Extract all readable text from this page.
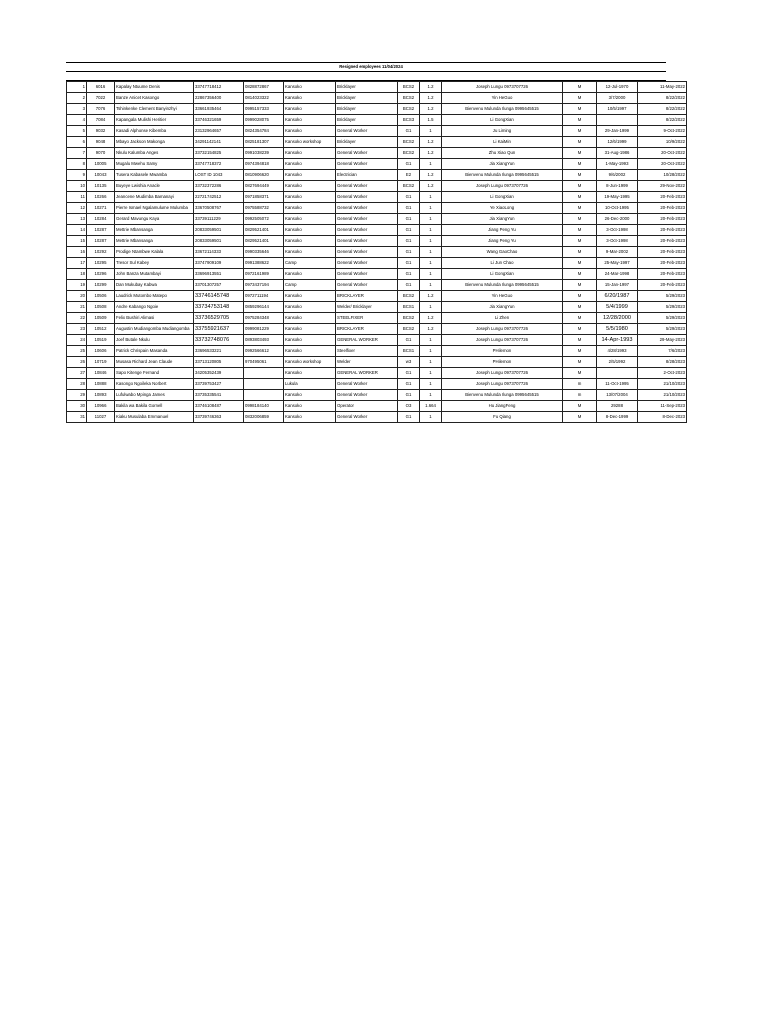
Resigned employees 11/04/2024
1	6016	Kapalay Ntuume Denis	33747718412	0828872867	Kansoko	Bricklayer	BCS2	1.2	Joseph Lungu 0973707726	M	12-Jul-1970	11-May-2022
2	7022	Banze Anicet Kasongo	22867356400	0814023322	Kansoko	Bricklayer	BCS2	1.2	Yin HeGuo	M	3/7/2000	8/22/2022
3	7076	Tshinkenke Clement Banyinzhyi	33661935464	0995157333	Kansoko	Bricklayer	BCS2	1.2	Bienvenu Mulunda Ilunga 0995645515	M	10/5/1997	8/22/2022
4	7084	Kapangala Mulishi Heritier	33746321659	0999028075	Kansoko	Bricklayer	BCS3	1.5	Li GongXian	M		8/22/2022
5	9032	Kasadi Alphonse Kibemba	23132964657	0824354784	Kansoko	General Worker	G1	1	Ju Liming	M	29-Jan-1999	9-Oct-2022
6	9048	Mbayo Jackson Makonga	34291142141	0825181307	Kansoko workshop	Bricklayer	BCS2	1.2	Li KaiMin	M	12/6/1999	10/9/2022
7	9070	Nkulu Kalumba Anges	33732154825	0991038239	Kansoko	General Worker	BCS2	1.2	Zhu Xiao Qun	M	31-Aug-1986	20-Oct-2022
8	10005	Mugalu Mwehu Samy	33747718372	0974394818	Kansoko	General Worker	G1	1	Jia XiangYun	M	1-May-1993	20-Oct-2022
9	10043	Tusera Kabasele Mwamba	LOST ID 1043	0810906620	Kansoko	Electrician	E2	1.2	Bienvenu Mulunda Ilunga 0995645515	M	9/6/2002	10/28/2022
10	10135	Buyeye Lwishia Anacle	33732372286	0827694449	Kansoko	General Worker	BCS2	1.2	Joseph Lungu 0973707726	M	8-Jun-1999	29-Nov-2022
11	10266	Jeancene Mudimba Bamanayi	22721742512	0971858371	Kansoko	General Worker	G1	1	Li GongXian	M	19-May-1995	20-Feb-2023
12	10271	Pierre Ismael Ngalamulume Mulumba	33670508767	0975588732	Kansoko	General Worker	G1	1	Ye XiaoLong	M	10-Oct-1995	20-Feb-2023
13	10284	Gerard Mavungu Kaya	33739111229	0992505072	Kansoko	General Worker	G1	1	Jia XiangYun	M	26-Dec-2000	20-Feb-2023
14	10287	Mettrie Mbansanga	20833059501	0829521401	Kansoko	General Worker	G1	1	Jiang Peng Yu	M	3-Oct-1998	20-Feb-2023
15	10287	Mettrie Mbansanga	20833059501	0829521401	Kansoko	General Worker	G1	1	Jiang Peng Yu	M	3-Oct-1998	20-Feb-2023
16	10292	Prodige Ntambwe Kalala	33672114333	0990335646	Kansoko	General Worker	G1	1	Wang GaoChao	M	9-Mar-2002	20-Feb-2023
17	10295	Tresor Sul Kabey	33747909109	0991388622	Camp	General Worker	G1	1	Li Jun Chao	M	25-May-1997	20-Feb-2023
18	10296	John Banza Mutambayi	33696913551	0972161989	Kansoko	General Worker	G1	1	Li GongXian	M	24-Mar-1998	20-Feb-2023
19	10299	Dan Mukubay Kabwa	33701307257	0973437194	Camp	General Worker	G1	1	Bienvenu Mulunda Ilunga 0995645515	M	15-Jan-1997	20-Feb-2023
20	10506	Laudrick Mutombo Matepo	33746145748	0972711194	Kansoko	BRICKLAYER	BCS2	1.2	Yin HeGuo	M	6/20/1987	5/29/2023
21	10508	Andre Kabango Ngoie	33734753148	0859296144	Kansoko	Welder/ Bricklayer	BCS1	1	Jia XiangYun	M	5/4/1999	5/29/2023
22	10509	Felix Bushiri Alimasi	33736529705	0975284348	Kansoko	STEELFIXER	BCS2	1.2	Li Zhen	M	12/28/2000	5/29/2023
23	10512	Augustin Mudiangomba Mudiangomba	33755921637	0999081229	Kansoko	BRICKLAYER	BCS2	1.2	Joseph Lungu 0973707726	M	5/5/1980	5/29/2023
24	10519	Joef Butale Nkulu	33732748076	0893803493	Kansoko	GENERAL WORKER	G1	1	Joseph Lungu 0973707726	M	14-Apr-1993	29-May-2023
25	10606	Patrick Chrispain Masanda	33696533221	0992566612	Kansoko	Steelfixer	BCS1	1	PHilemon	M	4/28/1993	7/6/2023
26	10719	Musasa Richard Jean Claude	33713120805	970495061	Kansoko workshop	Welder	w3	1	PHilemon	M	2/5/1992	8/28/2023
27	10846	Sapo Kitenge Fernand	34205352439		Kansoko	GENERAL WORKER	G1	1	Joseph Lungu 0973707726	M		2-Oct-2023
28	10888	Kasongo Ngoileka Norbert	33739753427		Lukula	General Worker	G1	1	Joseph Lungu 0973707726	m	11-Oct-1995	21/10/2023
29	10893	Lufulwabo Mpinga James	33735335541		Kansoko	General Worker	G1	1	Bienvenu Mulunda Ilunga 0995645515	m	13/07/2004	21/10/2023
30	10966	Bakila wa Bakila Gornell	33746108487	0998184140	Kansoko	Operator	O3	1.664	Hu JiangFeng	M	29288	11-Sep-2023
31	11027	Kiaku Musulaba Emmanuel	33739746363	0832006859	Kansoko	General Worker	G1	1	Fu Qiang	M	8-Dec-1999	8-Dec-2023
